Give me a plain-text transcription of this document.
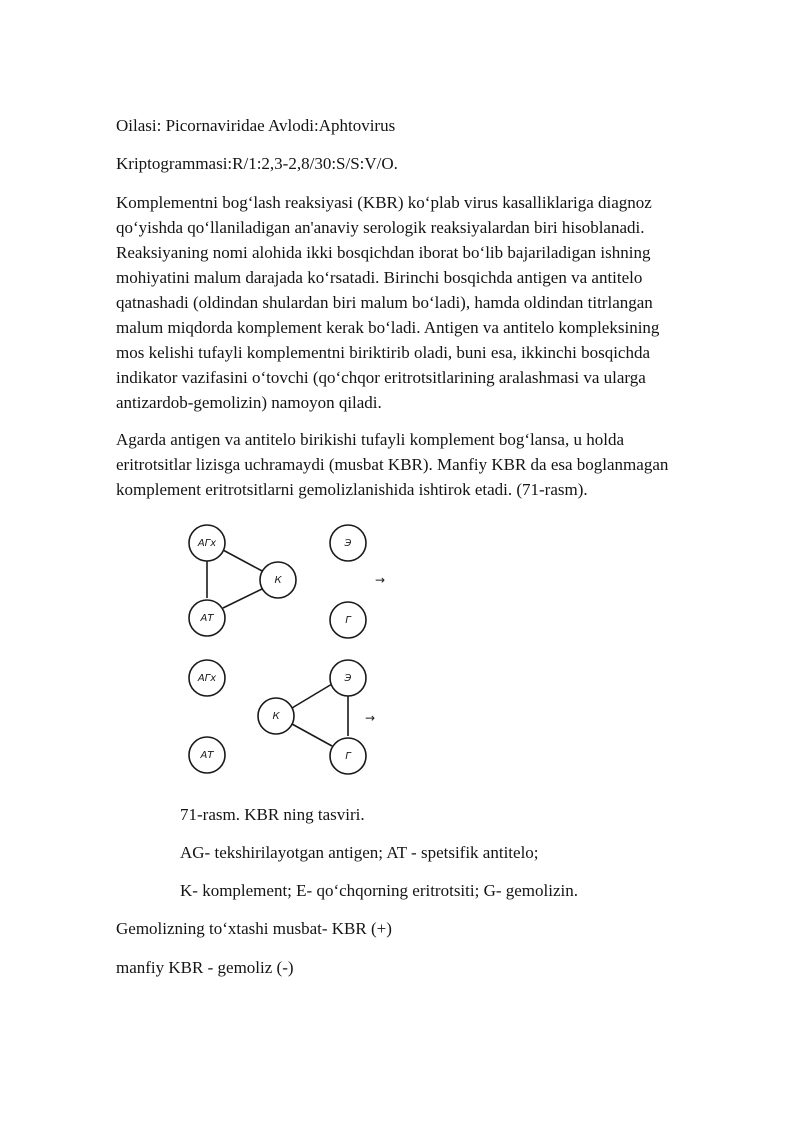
Oilasi: Picornaviridae Avlodi:Aphtovirus

Kriptogrammasi:R/1:2,3-2,8/30:S/S:V/O.

Komplementni bog‘lash reaksiyasi (KBR) ko‘plab virus kasalliklariga diagnoz
qo‘yishda qo‘llaniladigan an'anaviy serologik reaksiyalardan biri hisoblanadi.
Reaksiyaning nomi alohida ikki bosqichdan iborat bo‘lib bajariladigan ishning
mohiyatini malum darajada ko‘rsatadi. Birinchi bosqichda antigen va antitelo
qatnashadi (oldindan shulardan biri malum bo‘ladi), hamda oldindan titrlangan
malum miqdorda komplement kerak bo‘ladi. Antigen va antitelo kompleksining
mos kelishi tufayli komplementni biriktirib oladi, buni esa, ikkinchi bosqichda
indikator vazifasini o‘tovchi (qo‘chqor eritrotsitlarining aralashmasi va ularga
antizardob-gemolizin) namoyon qiladi.

Agarda antigen va antitelo birikishi tufayli komplement bog‘lansa, u holda
eritrotsitlar lizisga uchramaydi (musbat KBR). Manfiy KBR da esa boglanmagan
komplement eritrotsitlarni gemolizlanishida ishtirok etadi. (71-rasm).

АГх
АТ
К
Э
Г
→
АГх
АТ
К
Э
Г
→

71-rasm. KBR ning tasviri.

AG- tekshirilayotgan antigen; AT - spetsifik antitelo;

K- komplement; E- qo‘chqorning eritrotsiti; G- gemolizin.

Gemolizning to‘xtashi musbat- KBR (+)

manfiy KBR - gemoliz (-)
